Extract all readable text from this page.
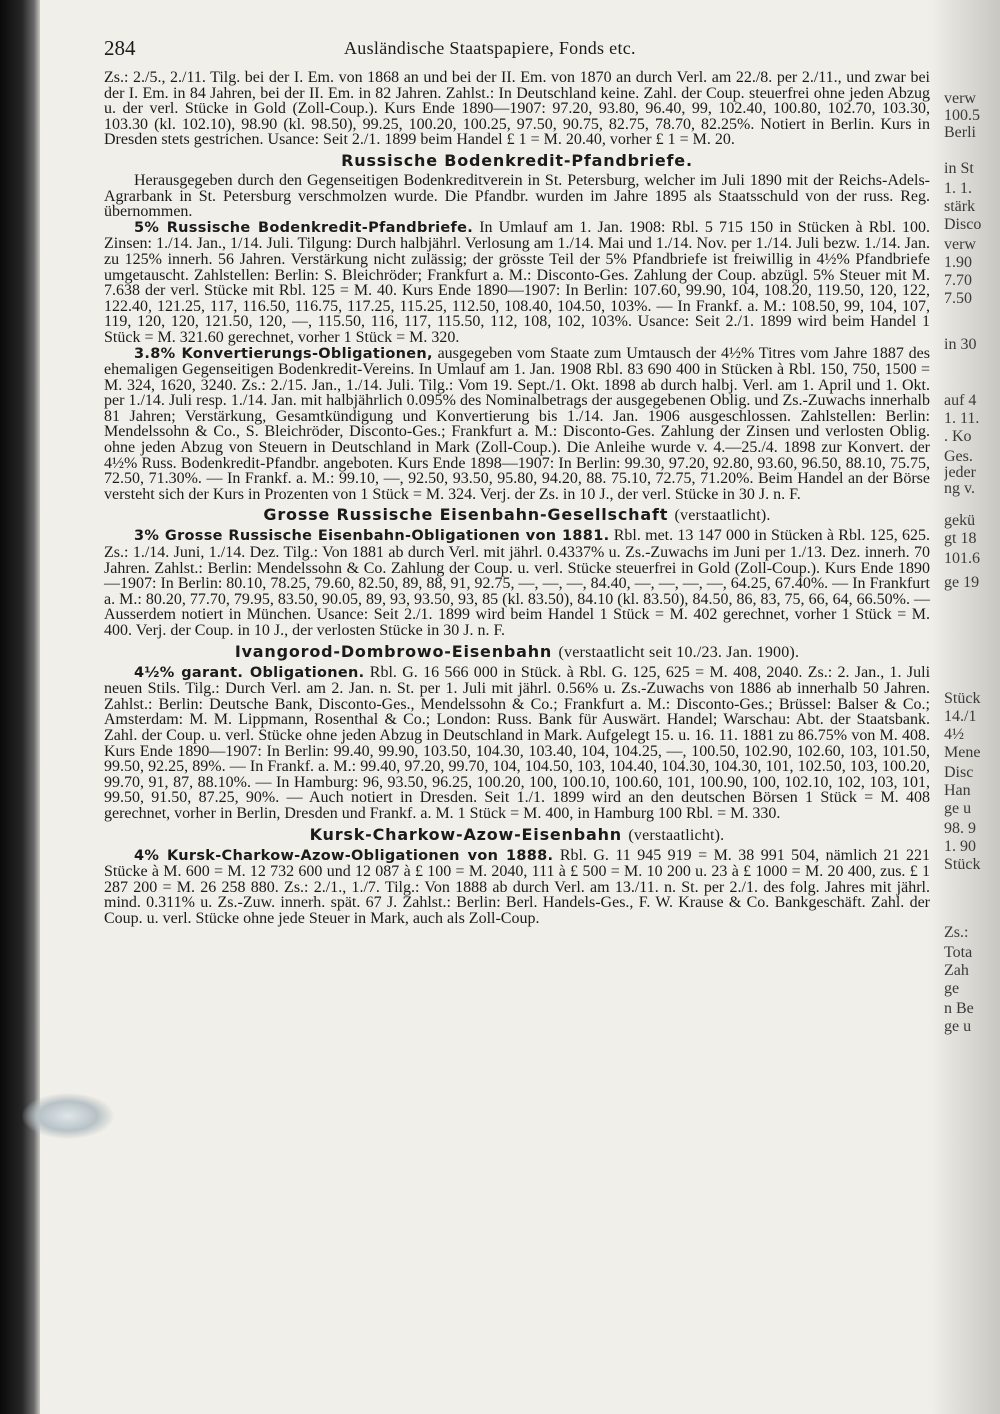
verw
100.5
Berli
in St
1. 1.
stärk
Disco
verw
1.90
7.70
7.50
in 30
auf 4
1. 11.
. Ko
Ges.
jeder
ng v.
gekü
gt 18
101.6
ge 19
Stück
14./1
4½
Mene
Disc
Han
ge u
98. 9
1. 90
Stück
Zs.:
Tota
Zah
ge
n Be
ge u
284	Ausländische Staatspapiere, Fonds etc.

Zs.: 2./5., 2./11. Tilg. bei der I. Em. von 1868 an und bei der II. Em. von 1870 an durch Verl. am 22./8. per 2./11., und zwar bei der I. Em. in 84 Jahren, bei der II. Em. in 82 Jahren. Zahlst.: In Deutschland keine. Zahl. der Coup. steuerfrei ohne jeden Abzug u. der verl. Stücke in Gold (Zoll-Coup.). Kurs Ende 1890—1907: 97.20, 93.80, 96.40, 99, 102.40, 100.80, 102.70, 103.30, 103.30 (kl. 102.10), 98.90 (kl. 98.50), 99.25, 100.20, 100.25, 97.50, 90.75, 82.75, 78.70, 82.25%. Notiert in Berlin. Kurs in Dresden stets gestrichen. Usance: Seit 2./1. 1899 beim Handel £ 1 = M. 20.40, vorher £ 1 = M. 20.

Russische Bodenkredit-Pfandbriefe.

Herausgegeben durch den Gegenseitigen Bodenkreditverein in St. Petersburg, welcher im Juli 1890 mit der Reichs-Adels-Agrarbank in St. Petersburg verschmolzen wurde. Die Pfandbr. wurden im Jahre 1895 als Staatsschuld von der russ. Reg. übernommen.

5% Russische Bodenkredit-Pfandbriefe. In Umlauf am 1. Jan. 1908: Rbl. 5 715 150 in Stücken à Rbl. 100. Zinsen: 1./14. Jan., 1/14. Juli. Tilgung: Durch halbjährl. Verlosung am 1./14. Mai und 1./14. Nov. per 1./14. Juli bezw. 1./14. Jan. zu 125% innerh. 56 Jahren. Verstärkung nicht zulässig; der grösste Teil der 5% Pfandbriefe ist freiwillig in 4½% Pfandbriefe umgetauscht. Zahlstellen: Berlin: S. Bleichröder; Frankfurt a. M.: Disconto-Ges. Zahlung der Coup. abzügl. 5% Steuer mit M. 7.638 der verl. Stücke mit Rbl. 125 = M. 40. Kurs Ende 1890—1907: In Berlin: 107.60, 99.90, 104, 108.20, 119.50, 120, 122, 122.40, 121.25, 117, 116.50, 116.75, 117.25, 115.25, 112.50, 108.40, 104.50, 103%. — In Frankf. a. M.: 108.50, 99, 104, 107, 119, 120, 120, 121.50, 120, —, 115.50, 116, 117, 115.50, 112, 108, 102, 103%. Usance: Seit 2./1. 1899 wird beim Handel 1 Stück = M. 321.60 gerechnet, vorher 1 Stück = M. 320.

3.8% Konvertierungs-Obligationen, ausgegeben vom Staate zum Umtausch der 4½% Titres vom Jahre 1887 des ehemaligen Gegenseitigen Bodenkredit-Vereins. In Umlauf am 1. Jan. 1908 Rbl. 83 690 400 in Stücken à Rbl. 150, 750, 1500 = M. 324, 1620, 3240. Zs.: 2./15. Jan., 1./14. Juli. Tilg.: Vom 19. Sept./1. Okt. 1898 ab durch halbj. Verl. am 1. April und 1. Okt. per 1./14. Juli resp. 1./14. Jan. mit halbjährlich 0.095% des Nominalbetrags der ausgegebenen Oblig. und Zs.-Zuwachs innerhalb 81 Jahren; Verstärkung, Gesamtkündigung und Konvertierung bis 1./14. Jan. 1906 ausgeschlossen. Zahlstellen: Berlin: Mendelssohn & Co., S. Bleichröder, Disconto-Ges.; Frankfurt a. M.: Disconto-Ges. Zahlung der Zinsen und verlosten Oblig. ohne jeden Abzug von Steuern in Deutschland in Mark (Zoll-Coup.). Die Anleihe wurde v. 4.—25./4. 1898 zur Konvert. der 4½% Russ. Bodenkredit-Pfandbr. angeboten. Kurs Ende 1898—1907: In Berlin: 99.30, 97.20, 92.80, 93.60, 96.50, 88.10, 75.75, 72.50, 71.30%. — In Frankf. a. M.: 99.10, —, 92.50, 93.50, 95.80, 94.20, 88. 75.10, 72.75, 71.20%. Beim Handel an der Börse versteht sich der Kurs in Prozenten von 1 Stück = M. 324. Verj. der Zs. in 10 J., der verl. Stücke in 30 J. n. F.

Grosse Russische Eisenbahn-Gesellschaft (verstaatlicht).

3% Grosse Russische Eisenbahn-Obligationen von 1881. Rbl. met. 13 147 000 in Stücken à Rbl. 125, 625. Zs.: 1./14. Juni, 1./14. Dez. Tilg.: Von 1881 ab durch Verl. mit jährl. 0.4337% u. Zs.-Zuwachs im Juni per 1./13. Dez. innerh. 70 Jahren. Zahlst.: Berlin: Mendelssohn & Co. Zahlung der Coup. u. verl. Stücke steuerfrei in Gold (Zoll-Coup.). Kurs Ende 1890—1907: In Berlin: 80.10, 78.25, 79.60, 82.50, 89, 88, 91, 92.75, —, —, —, 84.40, —, —, —, —, 64.25, 67.40%. — In Frankfurt a. M.: 80.20, 77.70, 79.95, 83.50, 90.05, 89, 93, 93.50, 93, 85 (kl. 83.50), 84.10 (kl. 83.50), 84.50, 86, 83, 75, 66, 64, 66.50%. — Ausserdem notiert in München. Usance: Seit 2./1. 1899 wird beim Handel 1 Stück = M. 402 gerechnet, vorher 1 Stück = M. 400. Verj. der Coup. in 10 J., der verlosten Stücke in 30 J. n. F.

Ivangorod-Dombrowo-Eisenbahn (verstaatlicht seit 10./23. Jan. 1900).

4½% garant. Obligationen. Rbl. G. 16 566 000 in Stück. à Rbl. G. 125, 625 = M. 408, 2040. Zs.: 2. Jan., 1. Juli neuen Stils. Tilg.: Durch Verl. am 2. Jan. n. St. per 1. Juli mit jährl. 0.56% u. Zs.-Zuwachs von 1886 ab innerhalb 50 Jahren. Zahlst.: Berlin: Deutsche Bank, Disconto-Ges., Mendelssohn & Co.; Frankfurt a. M.: Disconto-Ges.; Brüssel: Balser & Co.; Amsterdam: M. M. Lippmann, Rosenthal & Co.; London: Russ. Bank für Auswärt. Handel; Warschau: Abt. der Staatsbank. Zahl. der Coup. u. verl. Stücke ohne jeden Abzug in Deutschland in Mark. Aufgelegt 15. u. 16. 11. 1881 zu 86.75% von M. 408. Kurs Ende 1890—1907: In Berlin: 99.40, 99.90, 103.50, 104.30, 103.40, 104, 104.25, —, 100.50, 102.90, 102.60, 103, 101.50, 99.50, 92.25, 89%. — In Frankf. a. M.: 99.40, 97.20, 99.70, 104, 104.50, 103, 104.40, 104.30, 104.30, 101, 102.50, 103, 100.20, 99.70, 91, 87, 88.10%. — In Hamburg: 96, 93.50, 96.25, 100.20, 100, 100.10, 100.60, 101, 100.90, 100, 102.10, 102, 103, 101, 99.50, 91.50, 87.25, 90%. — Auch notiert in Dresden. Seit 1./1. 1899 wird an den deutschen Börsen 1 Stück = M. 408 gerechnet, vorher in Berlin, Dresden und Frankf. a. M. 1 Stück = M. 400, in Hamburg 100 Rbl. = M. 330.

Kursk-Charkow-Azow-Eisenbahn (verstaatlicht).

4% Kursk-Charkow-Azow-Obligationen von 1888. Rbl. G. 11 945 919 = M. 38 991 504, nämlich 21 221 Stücke à M. 600 = M. 12 732 600 und 12 087 à £ 100 = M. 2040, 111 à £ 500 = M. 10 200 u. 23 à £ 1000 = M. 20 400, zus. £ 1 287 200 = M. 26 258 880. Zs.: 2./1., 1./7. Tilg.: Von 1888 ab durch Verl. am 13./11. n. St. per 2./1. des folg. Jahres mit jährl. mind. 0.311% u. Zs.-Zuw. innerh. spät. 67 J. Zahlst.: Berlin: Berl. Handels-Ges., F. W. Krause & Co. Bankgeschäft. Zahl. der Coup. u. verl. Stücke ohne jede Steuer in Mark, auch als Zoll-Coup.
